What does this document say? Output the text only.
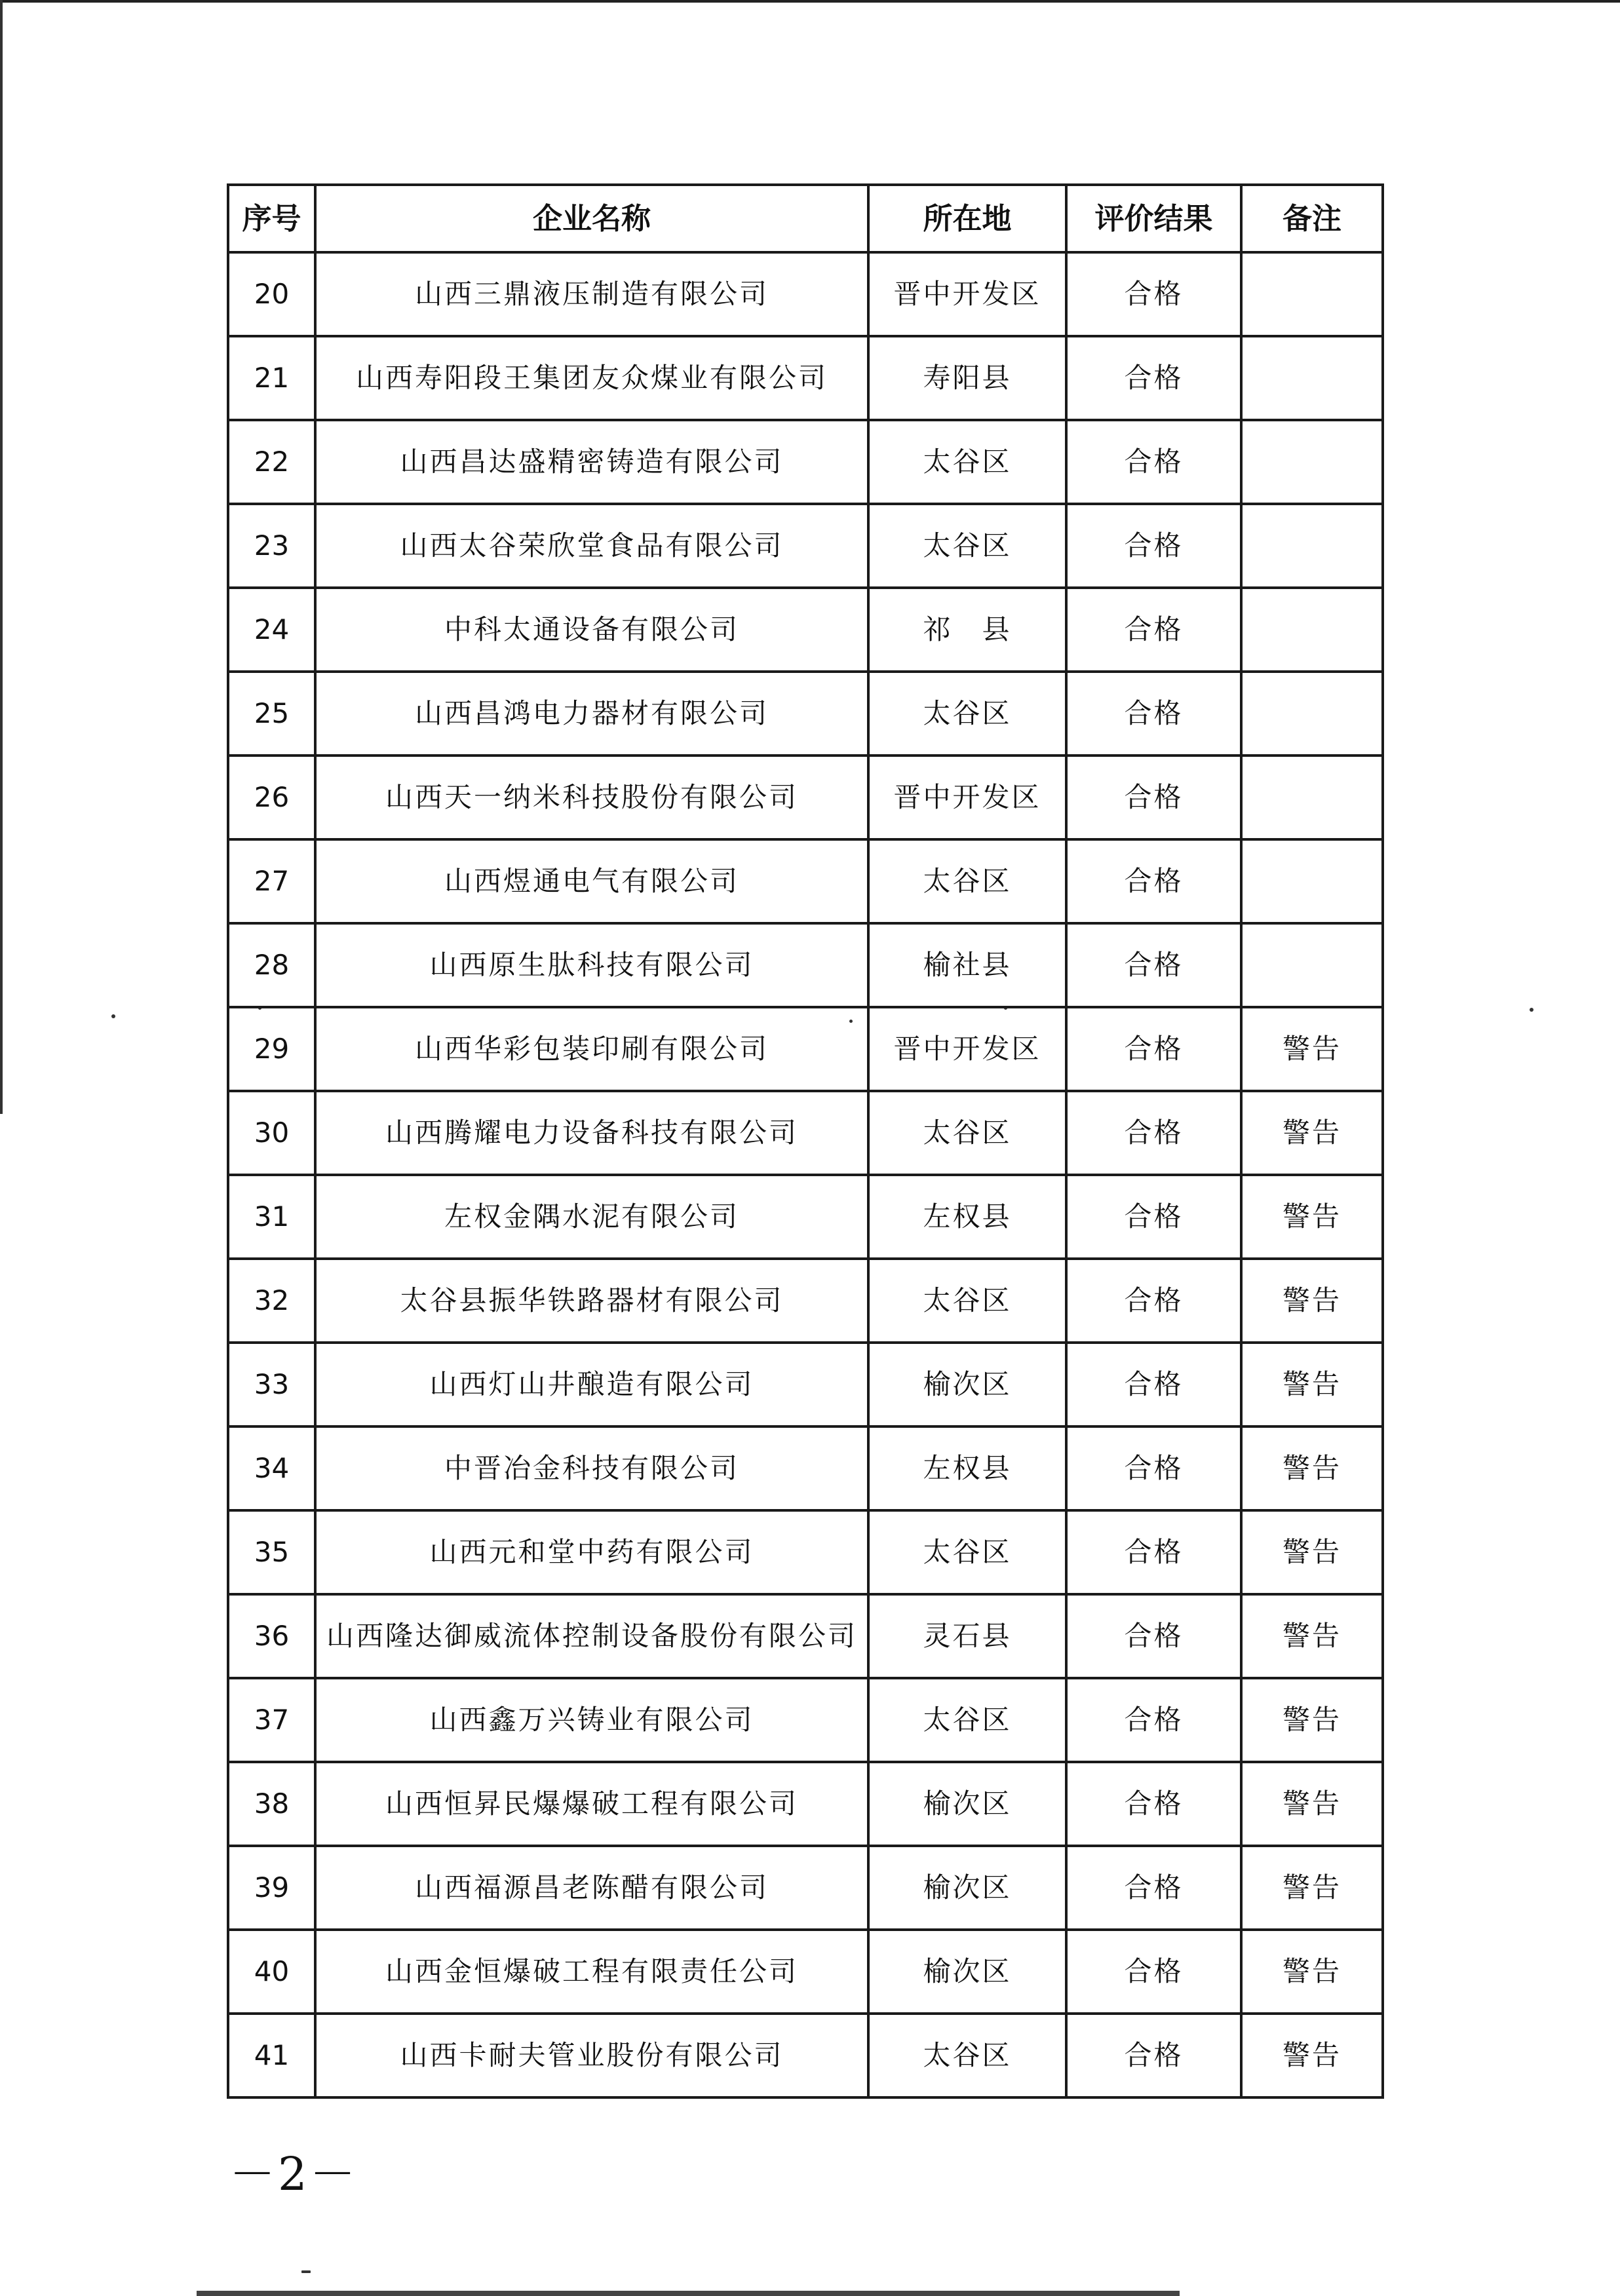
序号	企业名称	所在地	评价结果	备注
20	山西三鼎液压制造有限公司	晋中开发区	合格	
21	山西寿阳段王集团友众煤业有限公司	寿阳县	合格	
22	山西昌达盛精密铸造有限公司	太谷区	合格	
23	山西太谷荣欣堂食品有限公司	太谷区	合格	
24	中科太通设备有限公司	祁　县	合格	
25	山西昌鸿电力器材有限公司	太谷区	合格	
26	山西天一纳米科技股份有限公司	晋中开发区	合格	
27	山西煜通电气有限公司	太谷区	合格	
28	山西原生肽科技有限公司	榆社县	合格	
29	山西华彩包装印刷有限公司	晋中开发区	合格	警告
30	山西腾耀电力设备科技有限公司	太谷区	合格	警告
31	左权金隅水泥有限公司	左权县	合格	警告
32	太谷县振华铁路器材有限公司	太谷区	合格	警告
33	山西灯山井酿造有限公司	榆次区	合格	警告
34	中晋冶金科技有限公司	左权县	合格	警告
35	山西元和堂中药有限公司	太谷区	合格	警告
36	山西隆达御威流体控制设备股份有限公司	灵石县	合格	警告
37	山西鑫万兴铸业有限公司	太谷区	合格	警告
38	山西恒昇民爆爆破工程有限公司	榆次区	合格	警告
39	山西福源昌老陈醋有限公司	榆次区	合格	警告
40	山西金恒爆破工程有限责任公司	榆次区	合格	警告
41	山西卡耐夫管业股份有限公司	太谷区	合格	警告
－2－
